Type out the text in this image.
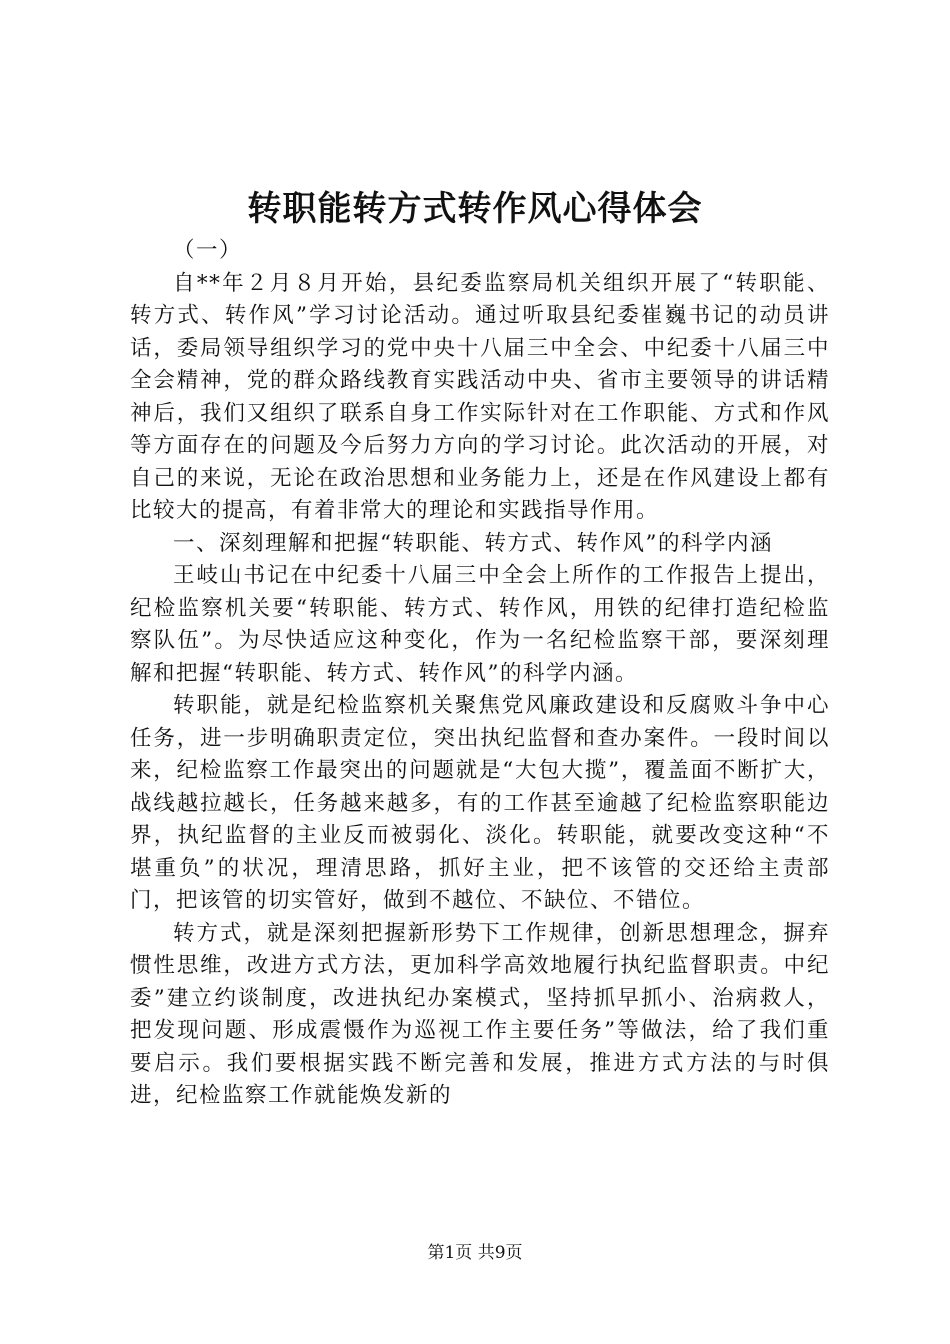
转职能转方式转作风心得体会

（一）

自**年２月８月开始，县纪委监察局机关组织开展了“转职能、转方式、转作风”学习讨论活动。通过听取县纪委崔巍书记的动员讲话，委局领导组织学习的党中央十八届三中全会、中纪委十八届三中全会精神，党的群众路线教育实践活动中央、省市主要领导的讲话精神后，我们又组织了联系自身工作实际针对在工作职能、方式和作风等方面存在的问题及今后努力方向的学习讨论。此次活动的开展，对自己的来说，无论在政治思想和业务能力上，还是在作风建设上都有比较大的提高，有着非常大的理论和实践指导作用。

一、深刻理解和把握“转职能、转方式、转作风”的科学内涵

王岐山书记在中纪委十八届三中全会上所作的工作报告上提出，纪检监察机关要“转职能、转方式、转作风，用铁的纪律打造纪检监察队伍”。为尽快适应这种变化，作为一名纪检监察干部，要深刻理解和把握“转职能、转方式、转作风”的科学内涵。

转职能，就是纪检监察机关聚焦党风廉政建设和反腐败斗争中心任务，进一步明确职责定位，突出执纪监督和查办案件。一段时间以来，纪检监察工作最突出的问题就是“大包大揽”，覆盖面不断扩大，战线越拉越长，任务越来越多，有的工作甚至逾越了纪检监察职能边界，执纪监督的主业反而被弱化、淡化。转职能，就要改变这种“不堪重负”的状况，理清思路，抓好主业，把不该管的交还给主责部门，把该管的切实管好，做到不越位、不缺位、不错位。

转方式，就是深刻把握新形势下工作规律，创新思想理念，摒弃惯性思维，改进方式方法，更加科学高效地履行执纪监督职责。中纪委”建立约谈制度，改进执纪办案模式，坚持抓早抓小、治病救人，把发现问题、形成震慑作为巡视工作主要任务”等做法，给了我们重要启示。我们要根据实践不断完善和发展，推进方式方法的与时俱进，纪检监察工作就能焕发新的

第1页 共9页
